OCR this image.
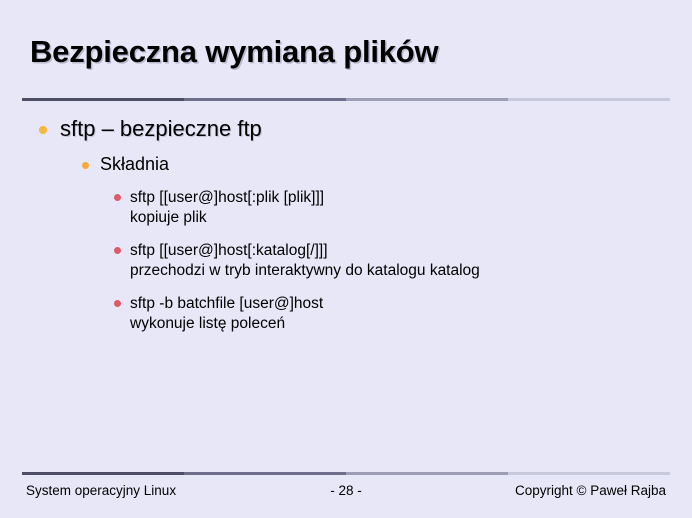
Bezpieczna wymiana plików
sftp – bezpieczne ftp
Składnia
sftp [[user@]host[:plik [plik]]]
kopiuje plik
sftp [[user@]host[:katalog[/]]]
przechodzi w tryb interaktywny do katalogu katalog
sftp -b batchfile [user@]host
wykonuje listę poleceń
System operacyjny Linux	- 28 -	Copyright © Paweł Rajba
